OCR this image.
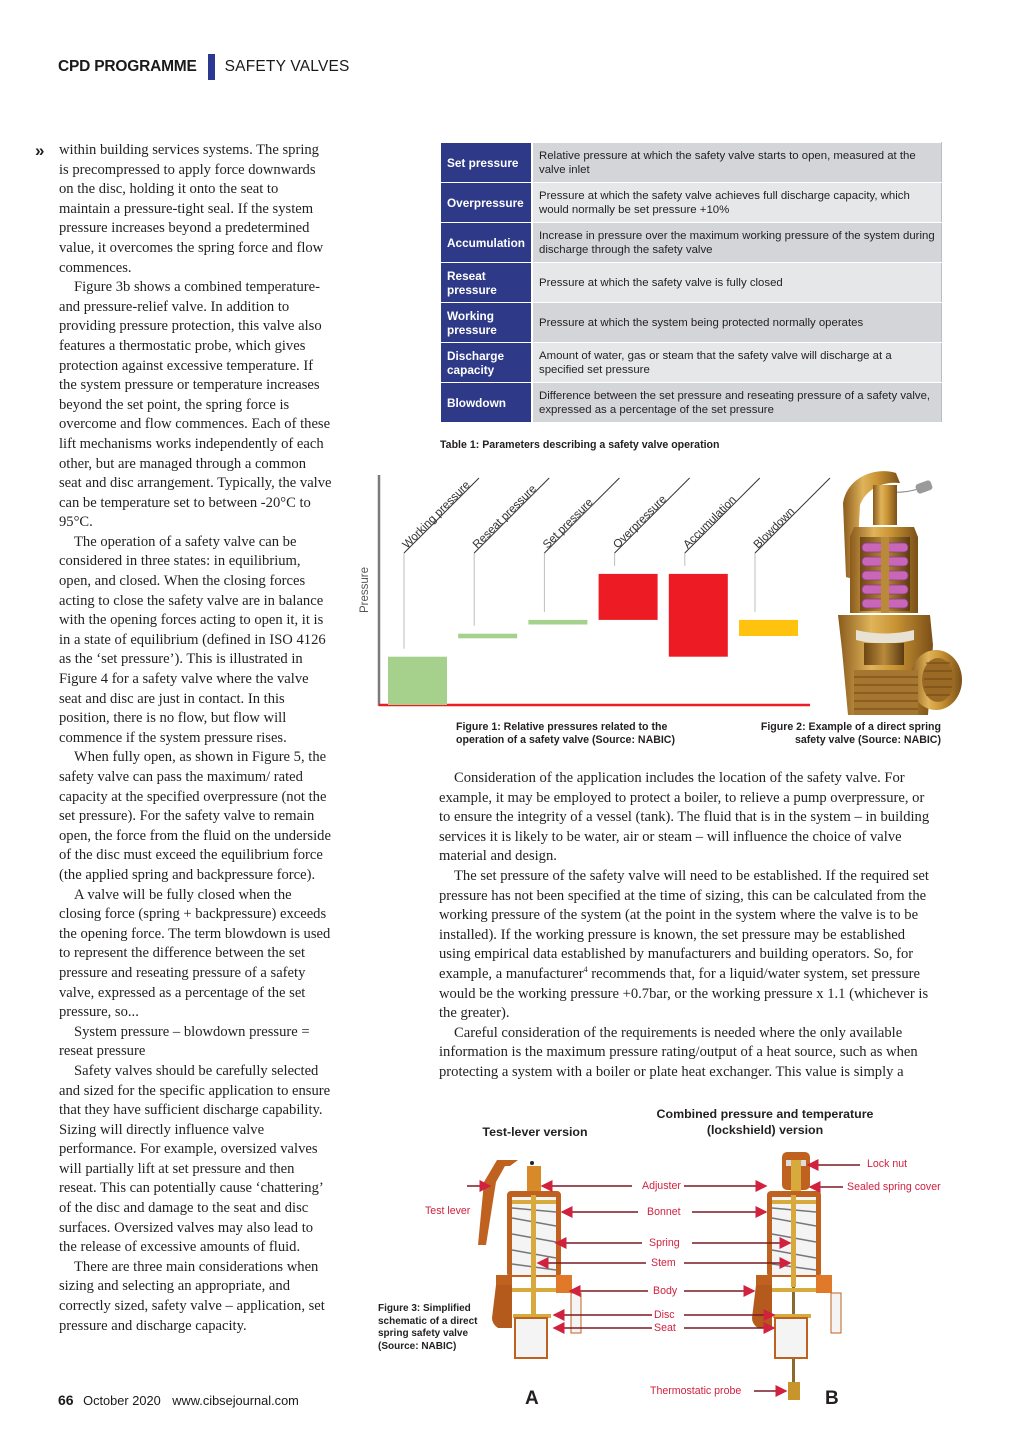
CPD PROGRAMME SAFETY VALVES
» within building services systems. The spring is precompressed to apply force downwards on the disc, holding it onto the seat to maintain a pressure-tight seal. If the system pressure increases beyond a predetermined value, it overcomes the spring force and flow commences.

Figure 3b shows a combined temperature- and pressure-relief valve. In addition to providing pressure protection, this valve also features a thermostatic probe, which gives protection against excessive temperature. If the system pressure or temperature increases beyond the set point, the spring force is overcome and flow commences. Each of these lift mechanisms works independently of each other, but are managed through a common seat and disc arrangement. Typically, the valve can be temperature set to between -20°C to 95°C.

The operation of a safety valve can be considered in three states: in equilibrium, open, and closed. When the closing forces acting to close the safety valve are in balance with the opening forces acting to open it, it is in a state of equilibrium (defined in ISO 4126 as the ‘set pressure’). This is illustrated in Figure 4 for a safety valve where the valve seat and disc are just in contact. In this position, there is no flow, but flow will commence if the system pressure rises.

When fully open, as shown in Figure 5, the safety valve can pass the maximum/ rated capacity at the specified overpressure (not the set pressure). For the safety valve to remain open, the force from the fluid on the underside of the disc must exceed the equilibrium force (the applied spring and backpressure force).

A valve will be fully closed when the closing force (spring + backpressure) exceeds the opening force. The term blowdown is used to represent the difference between the set pressure and reseating pressure of a safety valve, expressed as a percentage of the set pressure, so...

System pressure – blowdown pressure = reseat pressure

Safety valves should be carefully selected and sized for the specific application to ensure that they have sufficient discharge capability. Sizing will directly influence valve performance. For example, oversized valves will partially lift at set pressure and then reseat. This can potentially cause ‘chattering’ of the disc and damage to the seat and disc surfaces. Oversized valves may also lead to the release of excessive amounts of fluid.

There are three main considerations when sizing and selecting an appropriate, and correctly sized, safety valve – application, set pressure and discharge capacity.

Set pressure	Relative pressure at which the safety valve starts to open, measured at the valve inlet
Overpressure	Pressure at which the safety valve achieves full discharge capacity, which would normally be set pressure +10%
Accumulation	Increase in pressure over the maximum working pressure of the system during discharge through the safety valve
Reseat pressure	Pressure at which the safety valve is fully closed
Working pressure	Pressure at which the system being protected normally operates
Discharge capacity	Amount of water, gas or steam that the safety valve will discharge at a specified set pressure
Blowdown	Difference between the set pressure and reseating pressure of a safety valve, expressed as a percentage of the set pressure
Table 1: Parameters describing a safety valve operation
Pressure
Working pressure
Reseat pressure Set pressure Overpressure Accumulation Blowdown
Figure 1: Relative pressures related to the operation of a safety valve (Source: NABIC)
Figure 2: Example of a direct spring safety valve (Source: NABIC)

Consideration of the application includes the location of the safety valve. For example, it may be employed to protect a boiler, to relieve a pump overpressure, or to ensure the integrity of a vessel (tank). The fluid that is in the system – in building services it is likely to be water, air or steam – will influence the choice of valve material and design.

The set pressure of the safety valve will need to be established. If the required set pressure has not been specified at the time of sizing, this can be calculated from the working pressure of the system (at the point in the system where the valve is to be installed). If the working pressure is known, the set pressure may be established using empirical data established by manufacturers and building operators. So, for example, a manufacturer$^4$ recommends that, for a liquid/water system, set pressure would be the working pressure +0.7bar, or the working pressure x 1.1 (whichever is the greater).

Careful consideration of the requirements is needed where the only available information is the maximum pressure rating/output of a heat source, such as when protecting a system with a boiler or plate heat exchanger. This value is simply a

Test-lever version
Combined pressure and temperature (lockshield) version
Test lever
Adjuster
Bonnet
Spring
Stem
Body
Disc
Seat
Lock nut
Sealed spring cover
Thermostatic probe
A	B
Figure 3: Simplified schematic of a direct spring safety valve (Source: NABIC)
66 October 2020 www.cibsejournal.com
